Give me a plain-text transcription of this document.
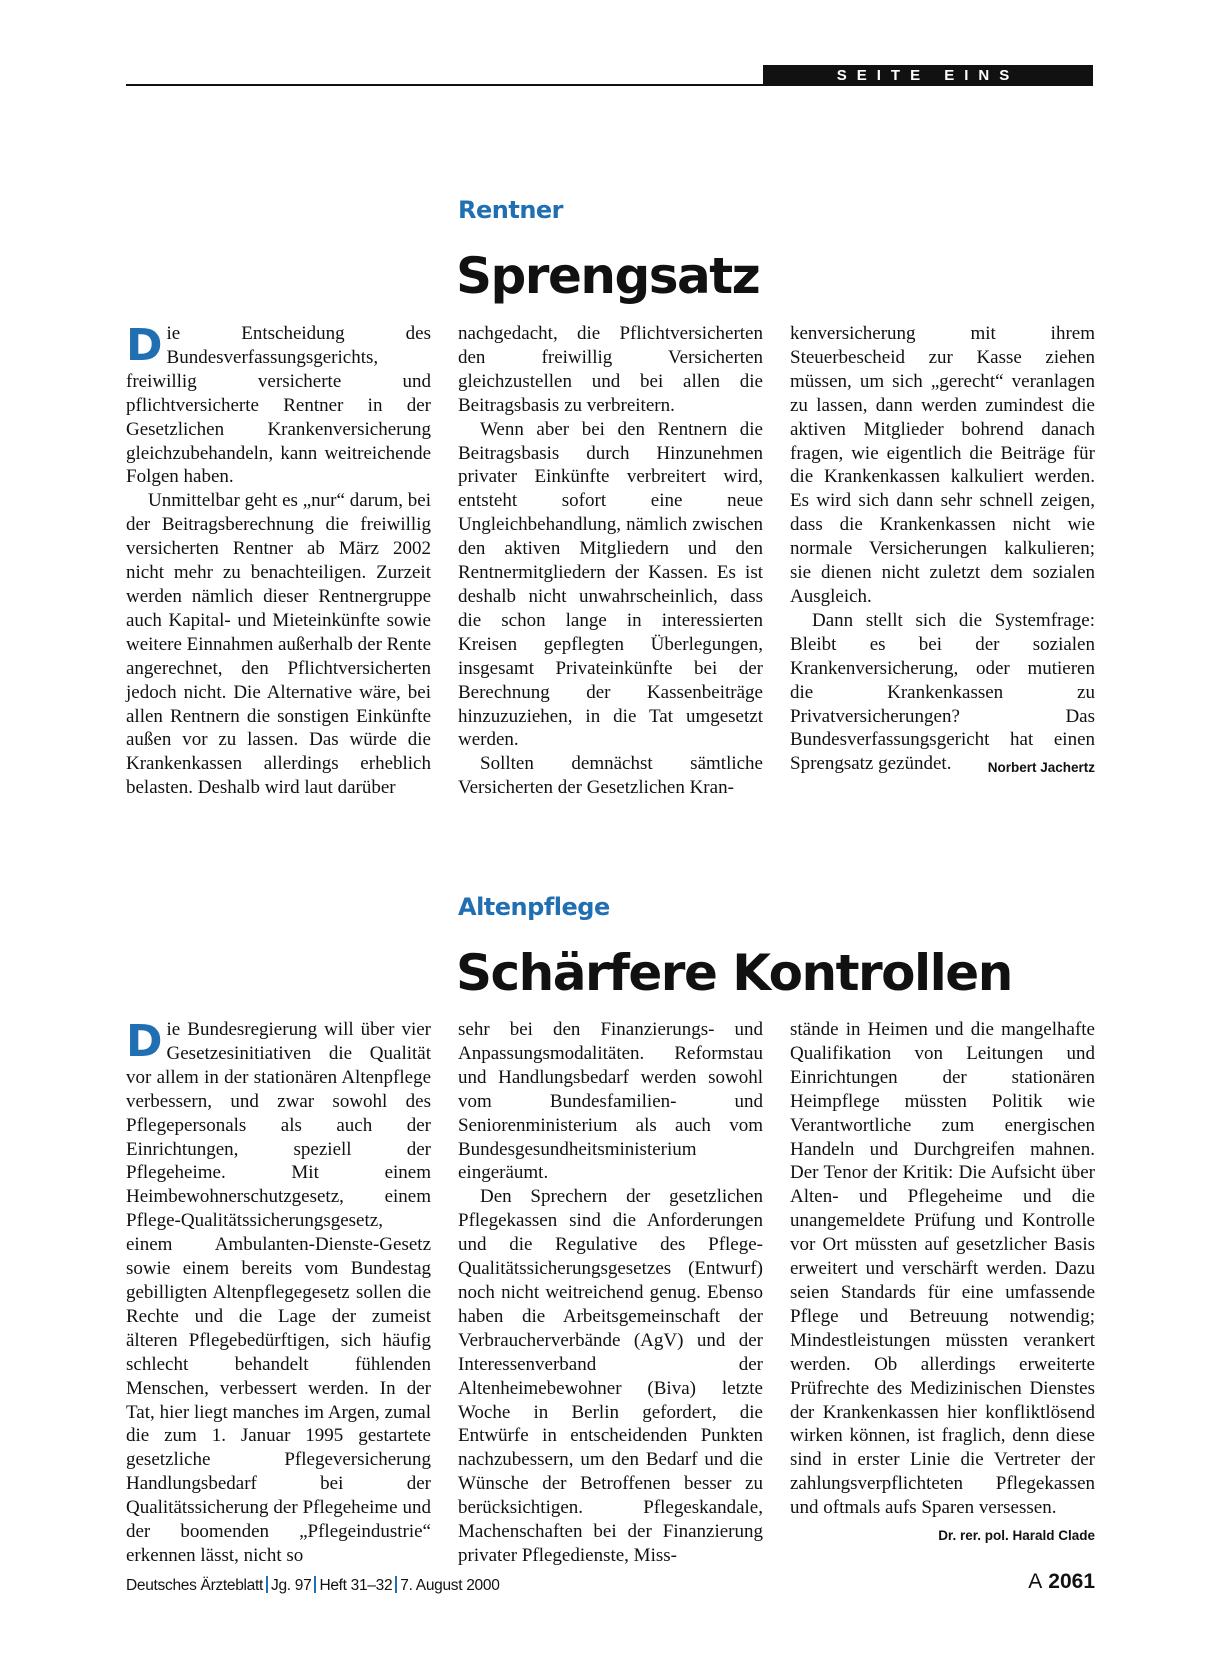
SEITE EINS
Rentner
Sprengsatz

Die Entscheidung des Bundesverfassungsgerichts, freiwillig versicherte und pflichtversicherte Rentner in der Gesetzlichen Krankenversicherung gleichzubehandeln, kann weitreichende Folgen haben.

Unmittelbar geht es „nur“ darum, bei der Beitragsberechnung die freiwillig versicherten Rentner ab März 2002 nicht mehr zu benachteiligen. Zurzeit werden nämlich dieser Rentnergruppe auch Kapital- und Mieteinkünfte sowie weitere Einnahmen außerhalb der Rente angerechnet, den Pflichtversicherten jedoch nicht. Die Alternative wäre, bei allen Rentnern die sonstigen Einkünfte außen vor zu lassen. Das würde die Krankenkassen allerdings erheblich belasten. Deshalb wird laut darüber

nachgedacht, die Pflichtversicherten den freiwillig Versicherten gleichzustellen und bei allen die Beitragsbasis zu verbreitern.

Wenn aber bei den Rentnern die Beitragsbasis durch Hinzunehmen privater Einkünfte verbreitert wird, entsteht sofort eine neue Ungleichbehandlung, nämlich zwischen den aktiven Mitgliedern und den Rentnermitgliedern der Kassen. Es ist deshalb nicht unwahrscheinlich, dass die schon lange in interessierten Kreisen gepflegten Überlegungen, insgesamt Privateinkünfte bei der Berechnung der Kassenbeiträge hinzuzuziehen, in die Tat umgesetzt werden.

Sollten demnächst sämtliche Versicherten der Gesetzlichen Kran-

kenversicherung mit ihrem Steuerbescheid zur Kasse ziehen müssen, um sich „gerecht“ veranlagen zu lassen, dann werden zumindest die aktiven Mitglieder bohrend danach fragen, wie eigentlich die Beiträge für die Krankenkassen kalkuliert werden. Es wird sich dann sehr schnell zeigen, dass die Krankenkassen nicht wie normale Versicherungen kalkulieren; sie dienen nicht zuletzt dem sozialen Ausgleich.

Dann stellt sich die Systemfrage: Bleibt es bei der sozialen Krankenversicherung, oder mutieren die Krankenkassen zu Privatversicherungen? Das Bundesverfassungsgericht hat einen Sprengsatz gezündet.	Norbert Jachertz

Altenpflege
Schärfere Kontrollen

Die Bundesregierung will über vier Gesetzesinitiativen die Qualität vor allem in der stationären Altenpflege verbessern, und zwar sowohl des Pflegepersonals als auch der Einrichtungen, speziell der Pflegeheime. Mit einem Heimbewohnerschutzgesetz, einem Pflege-Qualitätssicherungsgesetz, einem Ambulanten-Dienste-Gesetz sowie einem bereits vom Bundestag gebilligten Altenpflegegesetz sollen die Rechte und die Lage der zumeist älteren Pflegebedürftigen, sich häufig schlecht behandelt fühlenden Menschen, verbessert werden. In der Tat, hier liegt manches im Argen, zumal die zum 1. Januar 1995 gestartete gesetzliche Pflegeversicherung Handlungsbedarf bei der Qualitätssicherung der Pflegeheime und der boomenden „Pflegeindustrie“ erkennen lässt, nicht so

sehr bei den Finanzierungs- und Anpassungsmodalitäten. Reformstau und Handlungsbedarf werden sowohl vom Bundesfamilien- und Seniorenministerium als auch vom Bundesgesundheitsministerium eingeräumt.

Den Sprechern der gesetzlichen Pflegekassen sind die Anforderungen und die Regulative des Pflege-Qualitätssicherungsgesetzes (Entwurf) noch nicht weitreichend genug. Ebenso haben die Arbeitsgemeinschaft der Verbraucherverbände (AgV) und der Interessenverband der Altenheimebewohner (Biva) letzte Woche in Berlin gefordert, die Entwürfe in entscheidenden Punkten nachzubessern, um den Bedarf und die Wünsche der Betroffenen besser zu berücksichtigen. Pflegeskandale, Machenschaften bei der Finanzierung privater Pflegedienste, Miss-

stände in Heimen und die mangelhafte Qualifikation von Leitungen und Einrichtungen der stationären Heimpflege müssten Politik wie Verantwortliche zum energischen Handeln und Durchgreifen mahnen. Der Tenor der Kritik: Die Aufsicht über Alten- und Pflegeheime und die unangemeldete Prüfung und Kontrolle vor Ort müssten auf gesetzlicher Basis erweitert und verschärft werden. Dazu seien Standards für eine umfassende Pflege und Betreuung notwendig; Mindestleistungen müssten verankert werden. Ob allerdings erweiterte Prüfrechte des Medizinischen Dienstes der Krankenkassen hier konfliktlösend wirken können, ist fraglich, denn diese sind in erster Linie die Vertreter der zahlungsverpflichteten Pflegekassen und oftmals aufs Sparen versessen.
Dr. rer. pol. Harald Clade

Deutsches Ärzteblatt Jg. 97 Heft 31–32 7. August 2000	A 2061
